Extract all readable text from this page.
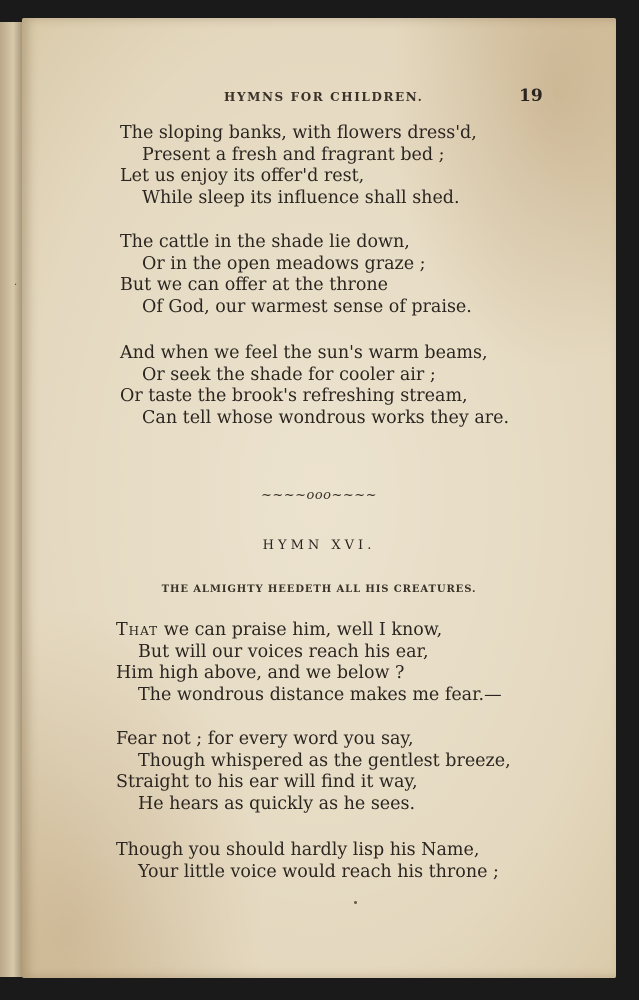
·
HYMNS FOR CHILDREN.	19
The sloping banks, with flowers dress'd,
Present a fresh and fragrant bed ;
Let us enjoy its offer'd rest,
While sleep its influence shall shed.
The cattle in the shade lie down,
Or in the open meadows graze ;
But we can offer at the throne
Of God, our warmest sense of praise.
And when we feel the sun's warm beams,
Or seek the shade for cooler air ;
Or taste the brook's refreshing stream,
Can tell whose wondrous works they are.
~~~~ooo~~~~
HYMN XVI.
THE ALMIGHTY HEEDETH ALL HIS CREATURES.
That we can praise him, well I know,
But will our voices reach his ear,
Him high above, and we below ?
The wondrous distance makes me fear.—
Fear not ; for every word you say,
Though whispered as the gentlest breeze,
Straight to his ear will find it way,
He hears as quickly as he sees.
Though you should hardly lisp his Name,
Your little voice would reach his throne ;
